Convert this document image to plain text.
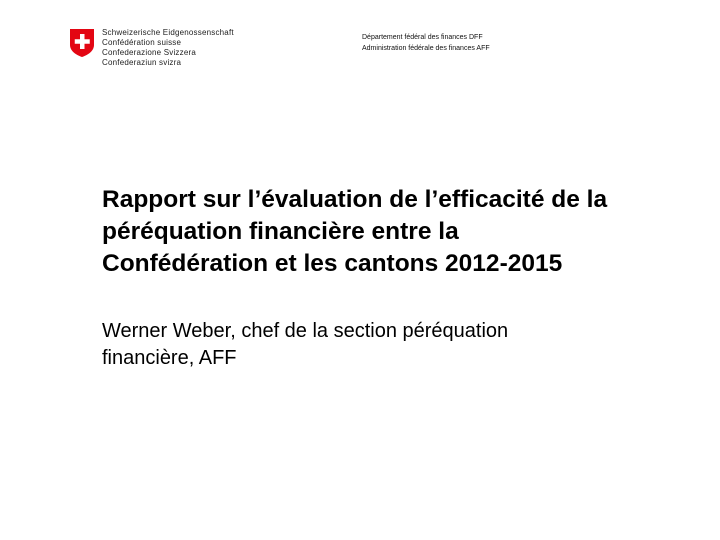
Schweizerische Eidgenossenschaft
Confédération suisse
Confederazione Svizzera
Confederaziun svizra
Département fédéral des finances DFF
Administration fédérale des finances AFF
Rapport sur l’évaluation de l’efficacité de la
péréquation financière entre la
Confédération et les cantons 2012-2015

Werner Weber, chef de la section péréquation
financière, AFF
